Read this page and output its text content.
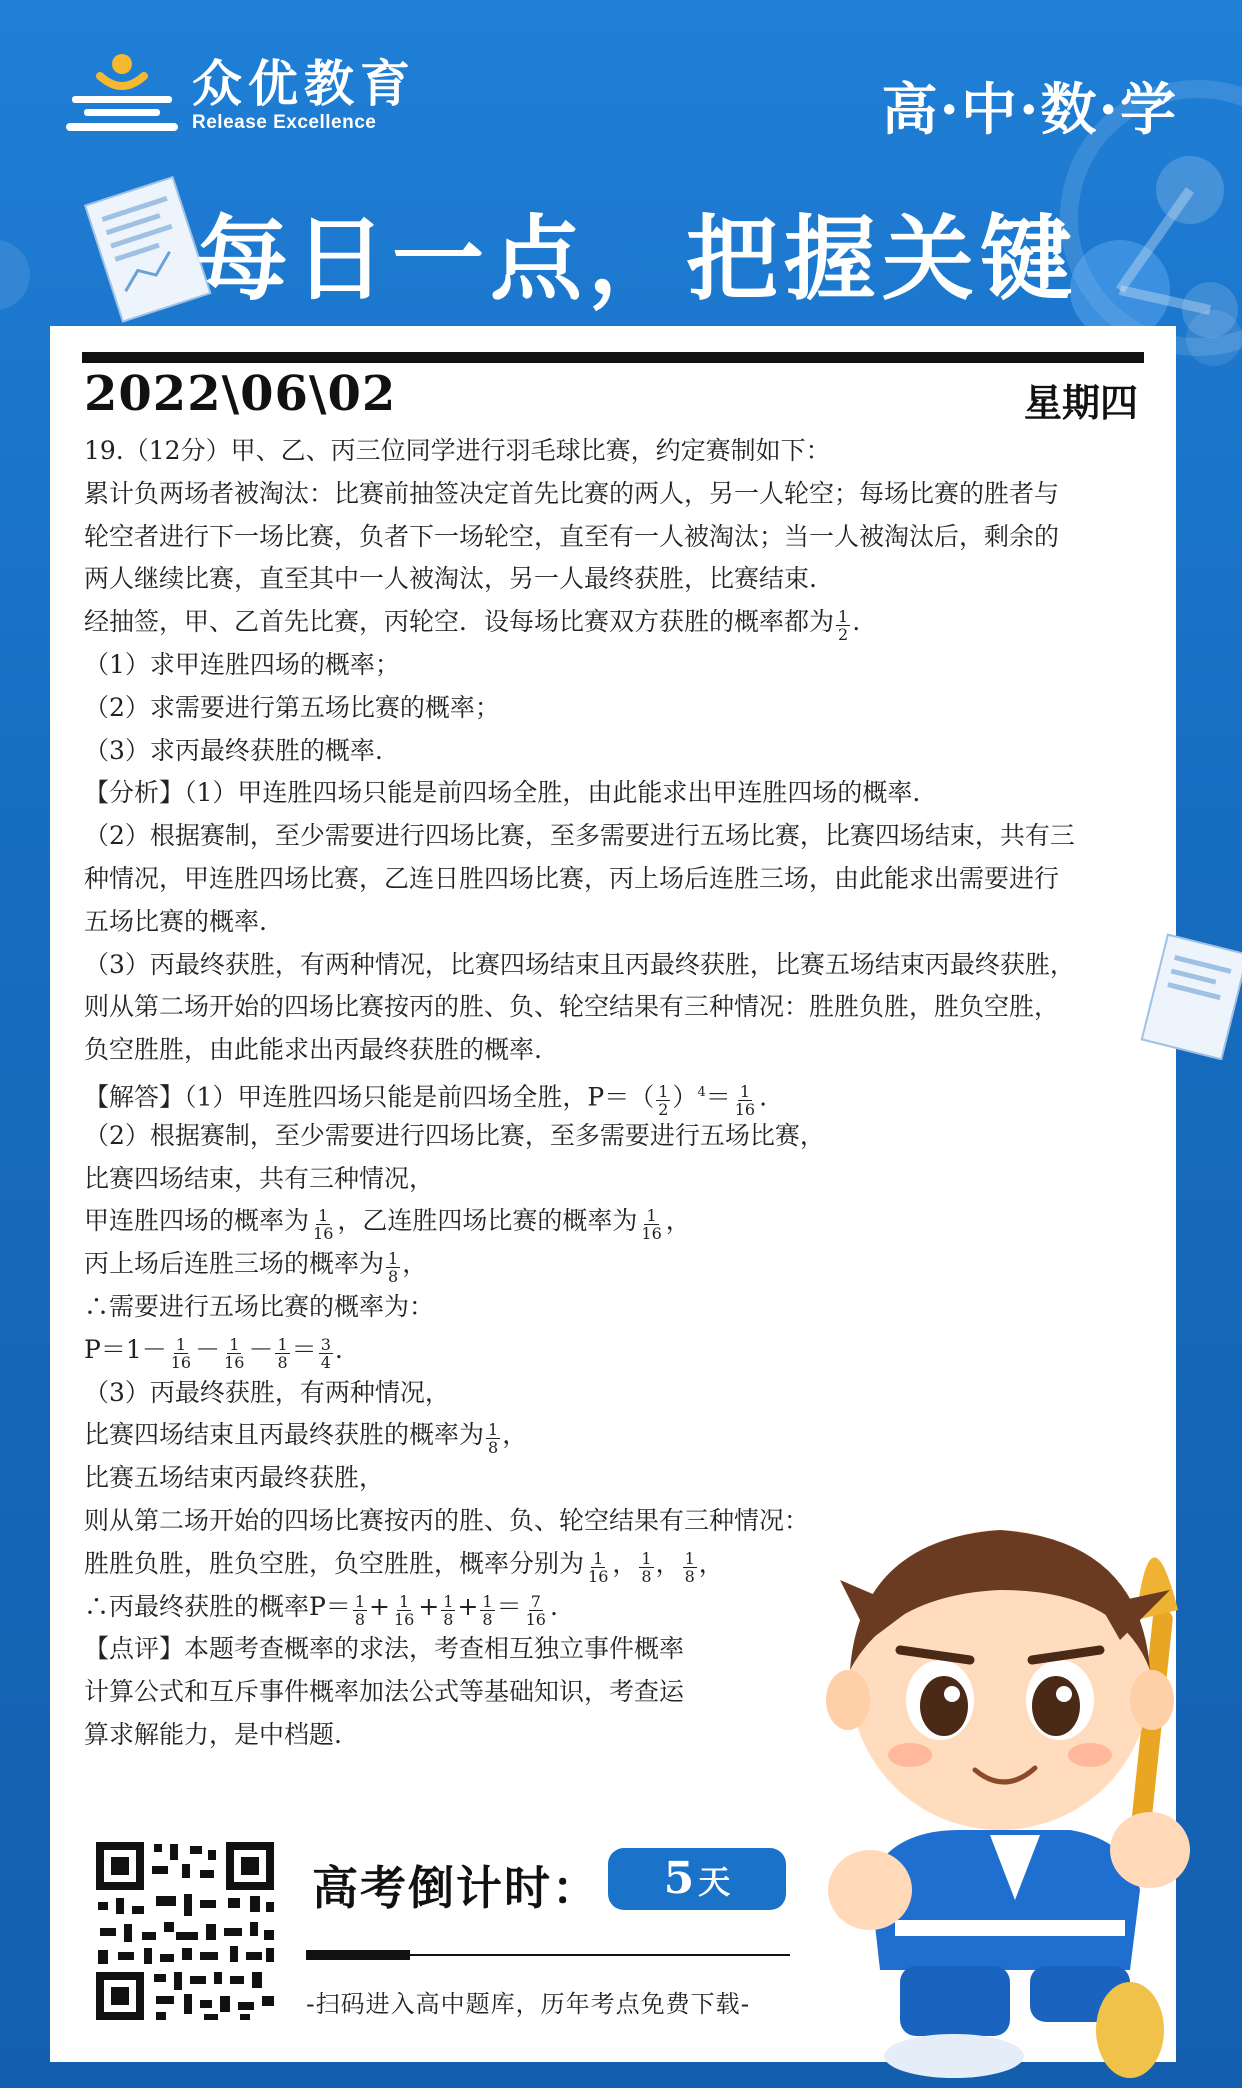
众优教育
Release Excellence	高·中·数·学
每日一点，把握关键
2022\06\02	星期四

19.（12分）甲、乙、丙三位同学进行羽毛球比赛，约定赛制如下：

累计负两场者被淘汰：比赛前抽签决定首先比赛的两人，另一人轮空；每场比赛的胜者与

轮空者进行下一场比赛，负者下一场轮空，直至有一人被淘汰；当一人被淘汰后，剩余的

两人继续比赛，直至其中一人被淘汰，另一人最终获胜，比赛结束.

经抽签，甲、乙首先比赛，丙轮空．设每场比赛双方获胜的概率都为 $\frac{1}{2}$ .

（1）求甲连胜四场的概率；

（2）求需要进行第五场比赛的概率；

（3）求丙最终获胜的概率.

【分析】（1）甲连胜四场只能是前四场全胜，由此能求出甲连胜四场的概率.

（2）根据赛制，至少需要进行四场比赛，至多需要进行五场比赛，比赛四场结束，共有三

种情况，甲连胜四场比赛，乙连日胜四场比赛，丙上场后连胜三场，由此能求出需要进行

五场比赛的概率.

（3）丙最终获胜，有两种情况，比赛四场结束且丙最终获胜，比赛五场结束丙最终获胜，

则从第二场开始的四场比赛按丙的胜、负、轮空结果有三种情况：胜胜负胜，胜负空胜，

负空胜胜，由此能求出丙最终获胜的概率.

【解答】（1）甲连胜四场只能是前四场全胜，$P=( \frac{1}{2} )^4= \frac{1}{16}$ .

（2）根据赛制，至少需要进行四场比赛，至多需要进行五场比赛，

比赛四场结束，共有三种情况，

甲连胜四场的概率为 $\frac{1}{16}$ ，乙连胜四场比赛的概率为 $\frac{1}{16}$ ，

丙上场后连胜三场的概率为 $\frac{1}{8}$ ，

∴需要进行五场比赛的概率为：

$P=1- \frac{1}{16} - \frac{1}{16} - \frac{1}{8} = \frac{3}{4}$ .

（3）丙最终获胜，有两种情况，

比赛四场结束且丙最终获胜的概率为 $\frac{1}{8}$ ，

比赛五场结束丙最终获胜，

则从第二场开始的四场比赛按丙的胜、负、轮空结果有三种情况：

胜胜负胜，胜负空胜，负空胜胜，概率分别为 $\frac{1}{16}$ ， $\frac{1}{8}$ ， $\frac{1}{8}$ ，

∴丙最终获胜的概率$P= \frac{1}{8} + \frac{1}{16} + \frac{1}{8} + \frac{1}{8} = \frac{7}{16}$ .

【点评】本题考查概率的求法，考查相互独立事件概率

计算公式和互斥事件概率加法公式等基础知识，考查运

算求解能力，是中档题.

高考倒计时：	5 天
-扫码进入高中题库，历年考点免费下载-
